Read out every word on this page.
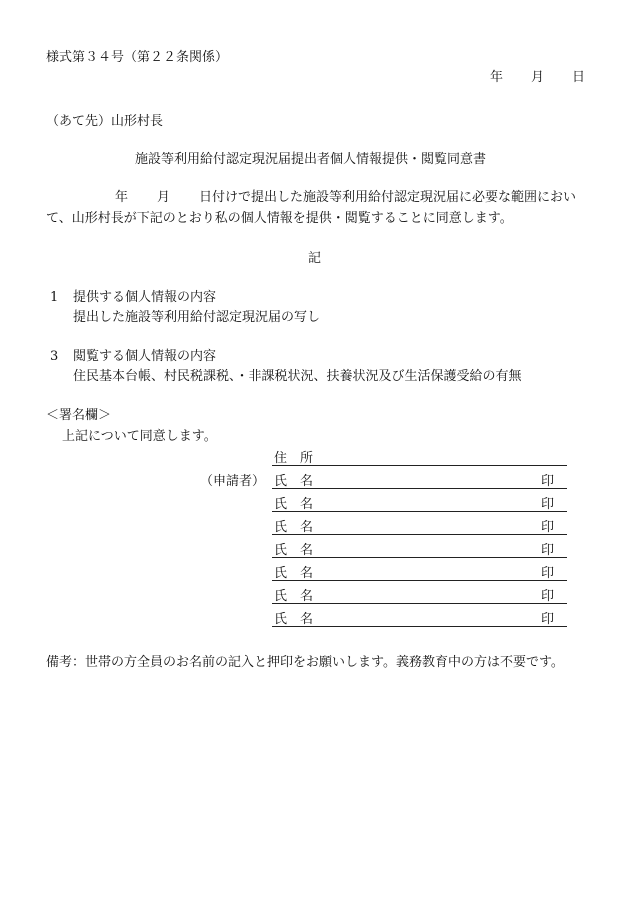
様式第３４号（第２２条関係）
年 月 日
（あて先）山形村長
施設等利用給付認定現況届提出者個人情報提供・閲覧同意書
年 月 日付けで提出した施設等利用給付認定現況届に必要な範囲におい
て、山形村長が下記のとおり私の個人情報を提供・閲覧することに同意します。
記
1 提供する個人情報の内容
提出した施設等利用給付認定現況届の写し
3 閲覧する個人情報の内容
住民基本台帳、村民税課税、・非課税状況、扶養状況及び生活保護受給の有無
＜署名欄＞
上記について同意します。
住　所
（申請者） 氏　名	印
氏　名	印
氏　名	印
氏　名	印
氏　名	印
氏　名	印
氏　名	印
備考：世帯の方全員のお名前の記入と押印をお願いします。義務教育中の方は不要です。
